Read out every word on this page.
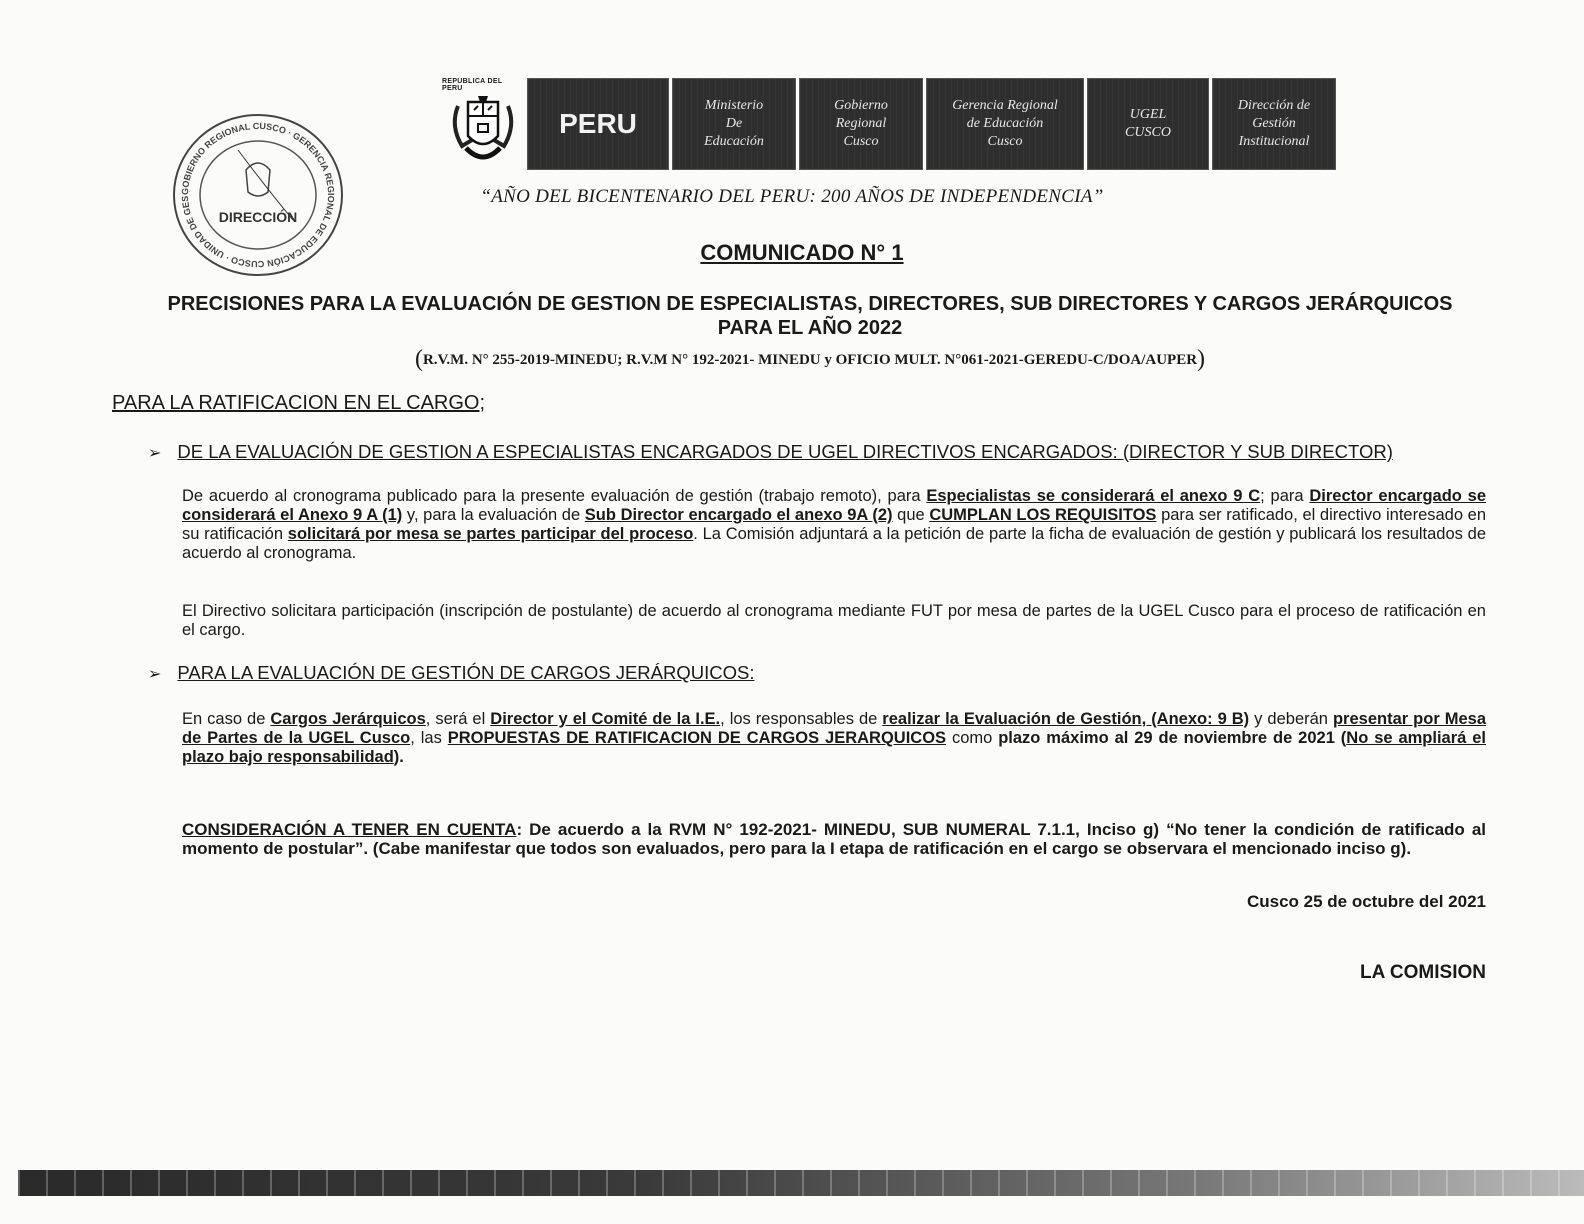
GOBIERNO REGIONAL CUSCO · GERENCIA REGIONAL DE EDUCACIÓN CUSCO · UNIDAD DE GES
DIRECCIÓN
REPUBLICA DEL PERU
PERU
Ministerio
De
Educación
Gobierno
Regional
Cusco
Gerencia Regional
de Educación
Cusco
UGEL
CUSCO
Dirección de
Gestión
Institucional
“AÑO DEL BICENTENARIO DEL PERU: 200 AÑOS DE INDEPENDENCIA”
COMUNICADO N° 1
PRECISIONES PARA LA EVALUACIÓN DE GESTION DE ESPECIALISTAS, DIRECTORES, SUB DIRECTORES Y CARGOS JERÁRQUICOS PARA EL AÑO 2022
(R.V.M. N° 255-2019-MINEDU; R.V.M N° 192-2021- MINEDU y OFICIO MULT. N°061-2021-GEREDU-C/DOA/AUPER)
PARA LA RATIFICACION EN EL CARGO;
➢ DE LA EVALUACIÓN DE GESTION A ESPECIALISTAS ENCARGADOS DE UGEL DIRECTIVOS ENCARGADOS: (DIRECTOR Y SUB DIRECTOR)
De acuerdo al cronograma publicado para la presente evaluación de gestión (trabajo remoto), para Especialistas se considerará el anexo 9 C; para Director encargado se considerará el Anexo 9 A (1) y, para la evaluación de Sub Director encargado el anexo 9A (2) que CUMPLAN LOS REQUISITOS para ser ratificado, el directivo interesado en su ratificación solicitará por mesa se partes participar del proceso. La Comisión adjuntará a la petición de parte la ficha de evaluación de gestión y publicará los resultados de acuerdo al cronograma.
El Directivo solicitara participación (inscripción de postulante) de acuerdo al cronograma mediante FUT por mesa de partes de la UGEL Cusco para el proceso de ratificación en el cargo.
➢ PARA LA EVALUACIÓN DE GESTIÓN DE CARGOS JERÁRQUICOS:
En caso de Cargos Jerárquicos, será el Director y el Comité de la I.E., los responsables de realizar la Evaluación de Gestión, (Anexo: 9 B) y deberán presentar por Mesa de Partes de la UGEL Cusco, las PROPUESTAS DE RATIFICACION DE CARGOS JERARQUICOS como plazo máximo al 29 de noviembre de 2021 (No se ampliará el plazo bajo responsabilidad).
CONSIDERACIÓN A TENER EN CUENTA: De acuerdo a la RVM N° 192-2021- MINEDU, SUB NUMERAL 7.1.1, Inciso g) “No tener la condición de ratificado al momento de postular”. (Cabe manifestar que todos son evaluados, pero para la I etapa de ratificación en el cargo se observara el mencionado inciso g).
Cusco 25 de octubre del 2021
LA COMISION
